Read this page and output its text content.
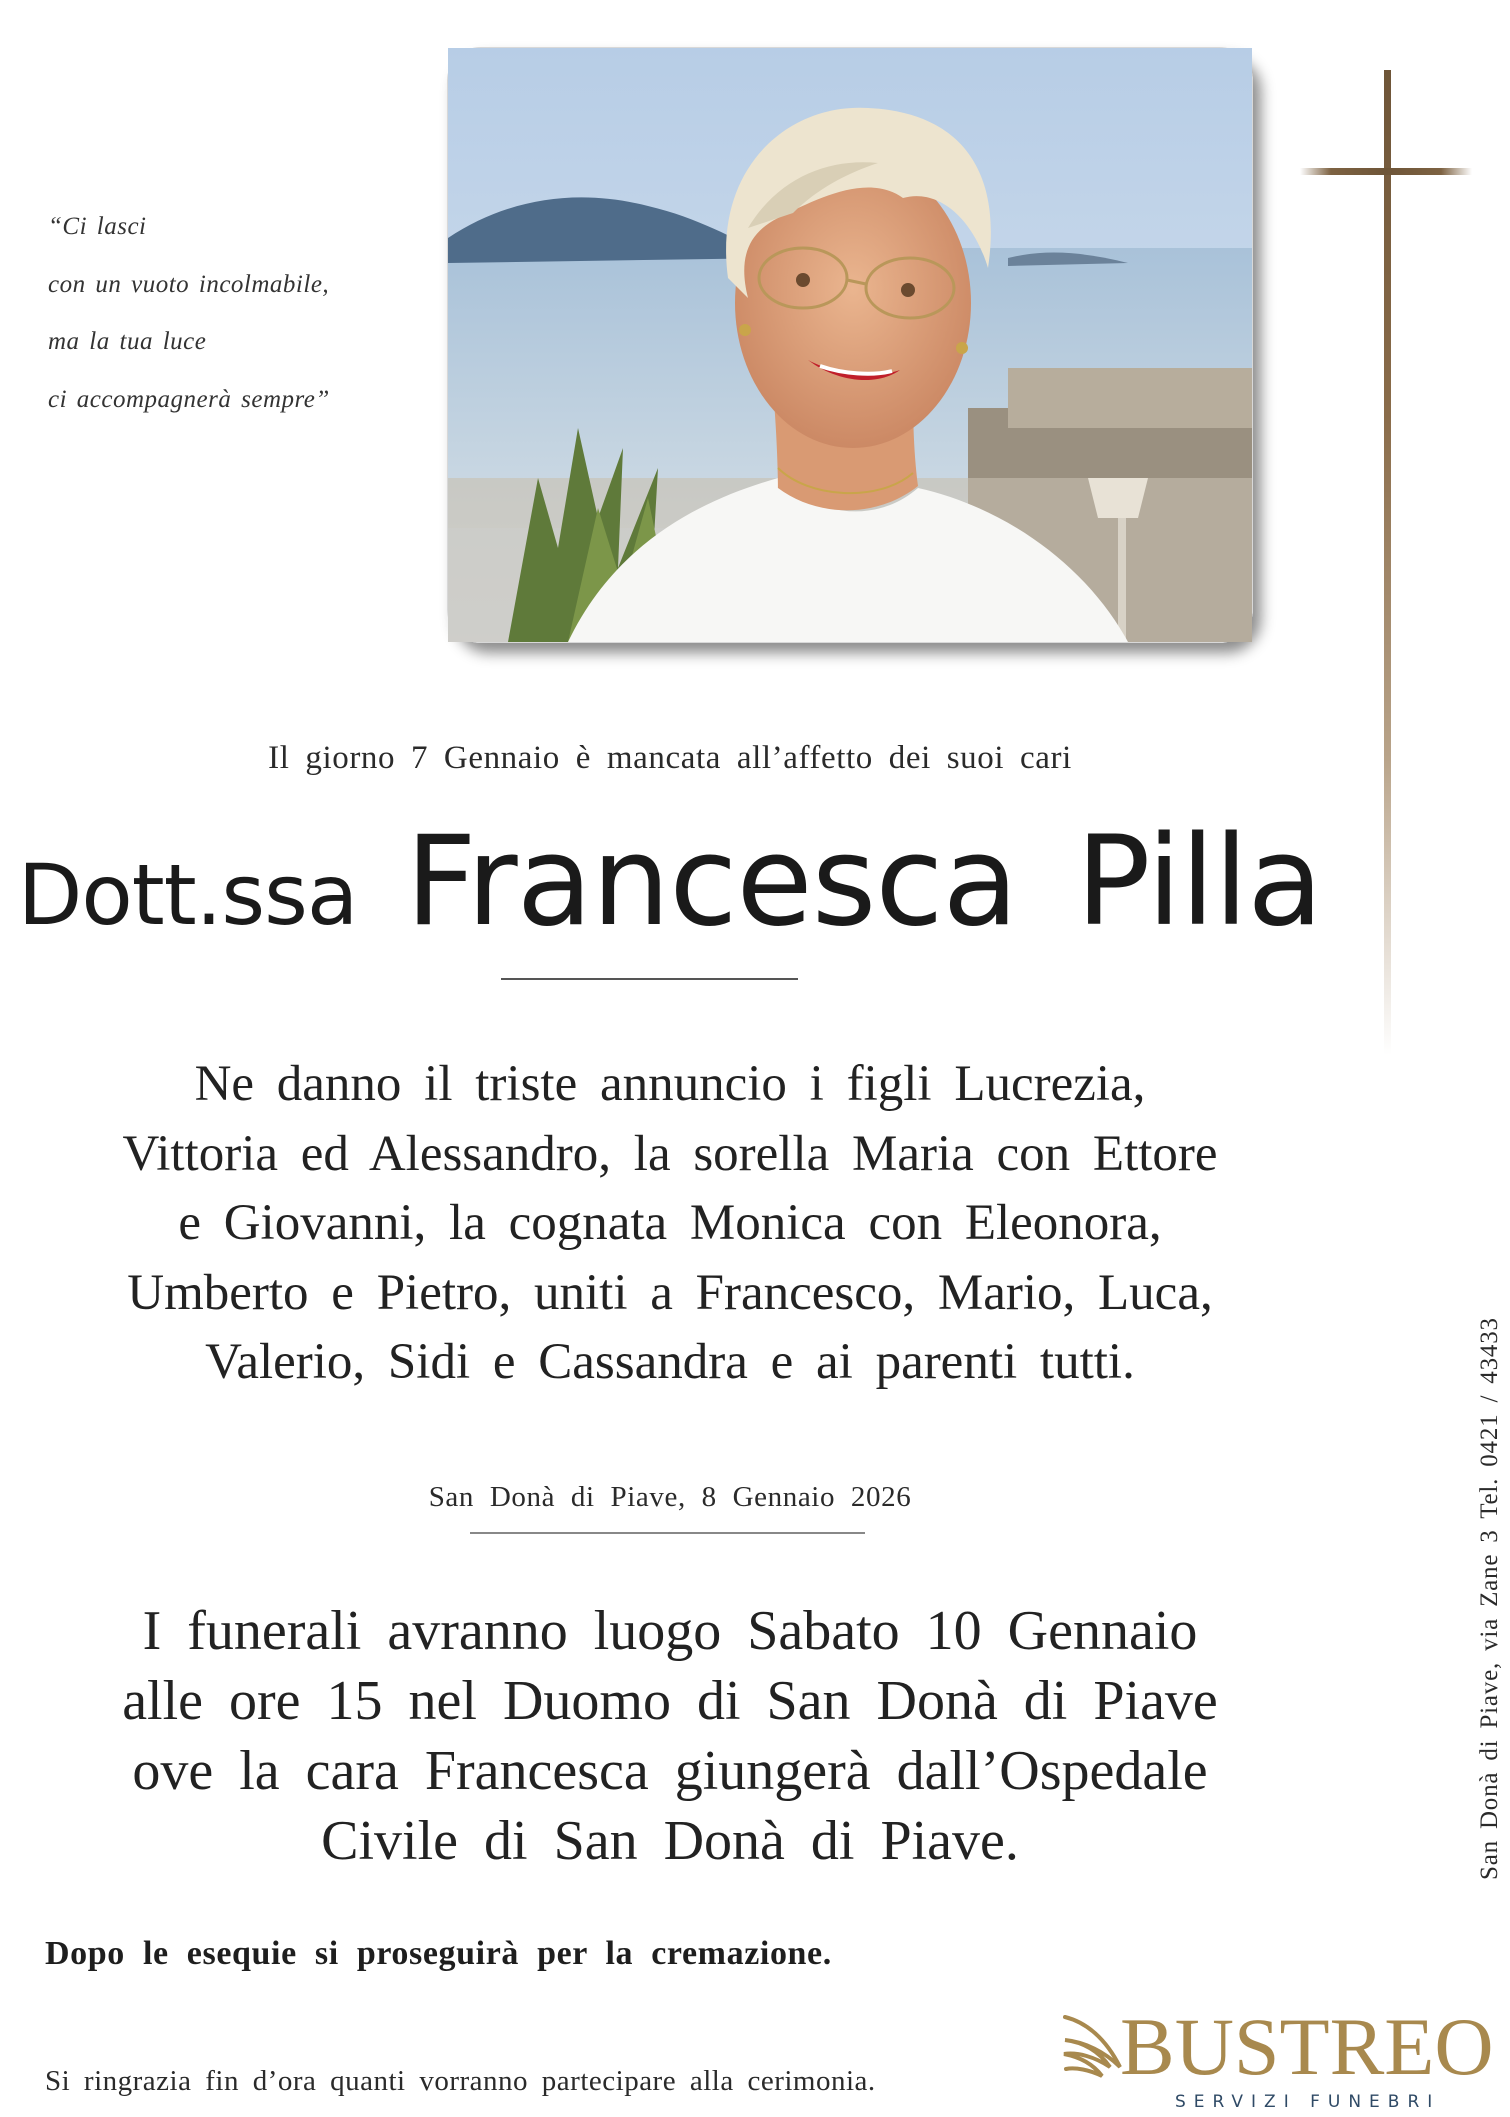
“Ci lasci
con un vuoto incolmabile,
ma la tua luce
ci accompagnerà sempre”
Il giorno 7 Gennaio è mancata all’affetto dei suoi cari
Dott.ssa Francesca Pilla
Ne danno il triste annuncio i figli Lucrezia,
Vittoria ed Alessandro, la sorella Maria con Ettore
e Giovanni, la cognata Monica con Eleonora,
Umberto e Pietro, uniti a Francesco, Mario, Luca,
Valerio, Sidi e Cassandra e ai parenti tutti.
San Donà di Piave, 8 Gennaio 2026
I funerali avranno luogo Sabato 10 Gennaio
alle ore 15 nel Duomo di San Donà di Piave
ove la cara Francesca giungerà dall’Ospedale
Civile di San Donà di Piave.
Dopo le esequie si proseguirà per la cremazione.
Si ringrazia fin d’ora quanti vorranno partecipare alla cerimonia.
San Donà di Piave, via Zane 3 Tel. 0421 / 43433
BUSTREO
SERVIZI FUNEBRI
